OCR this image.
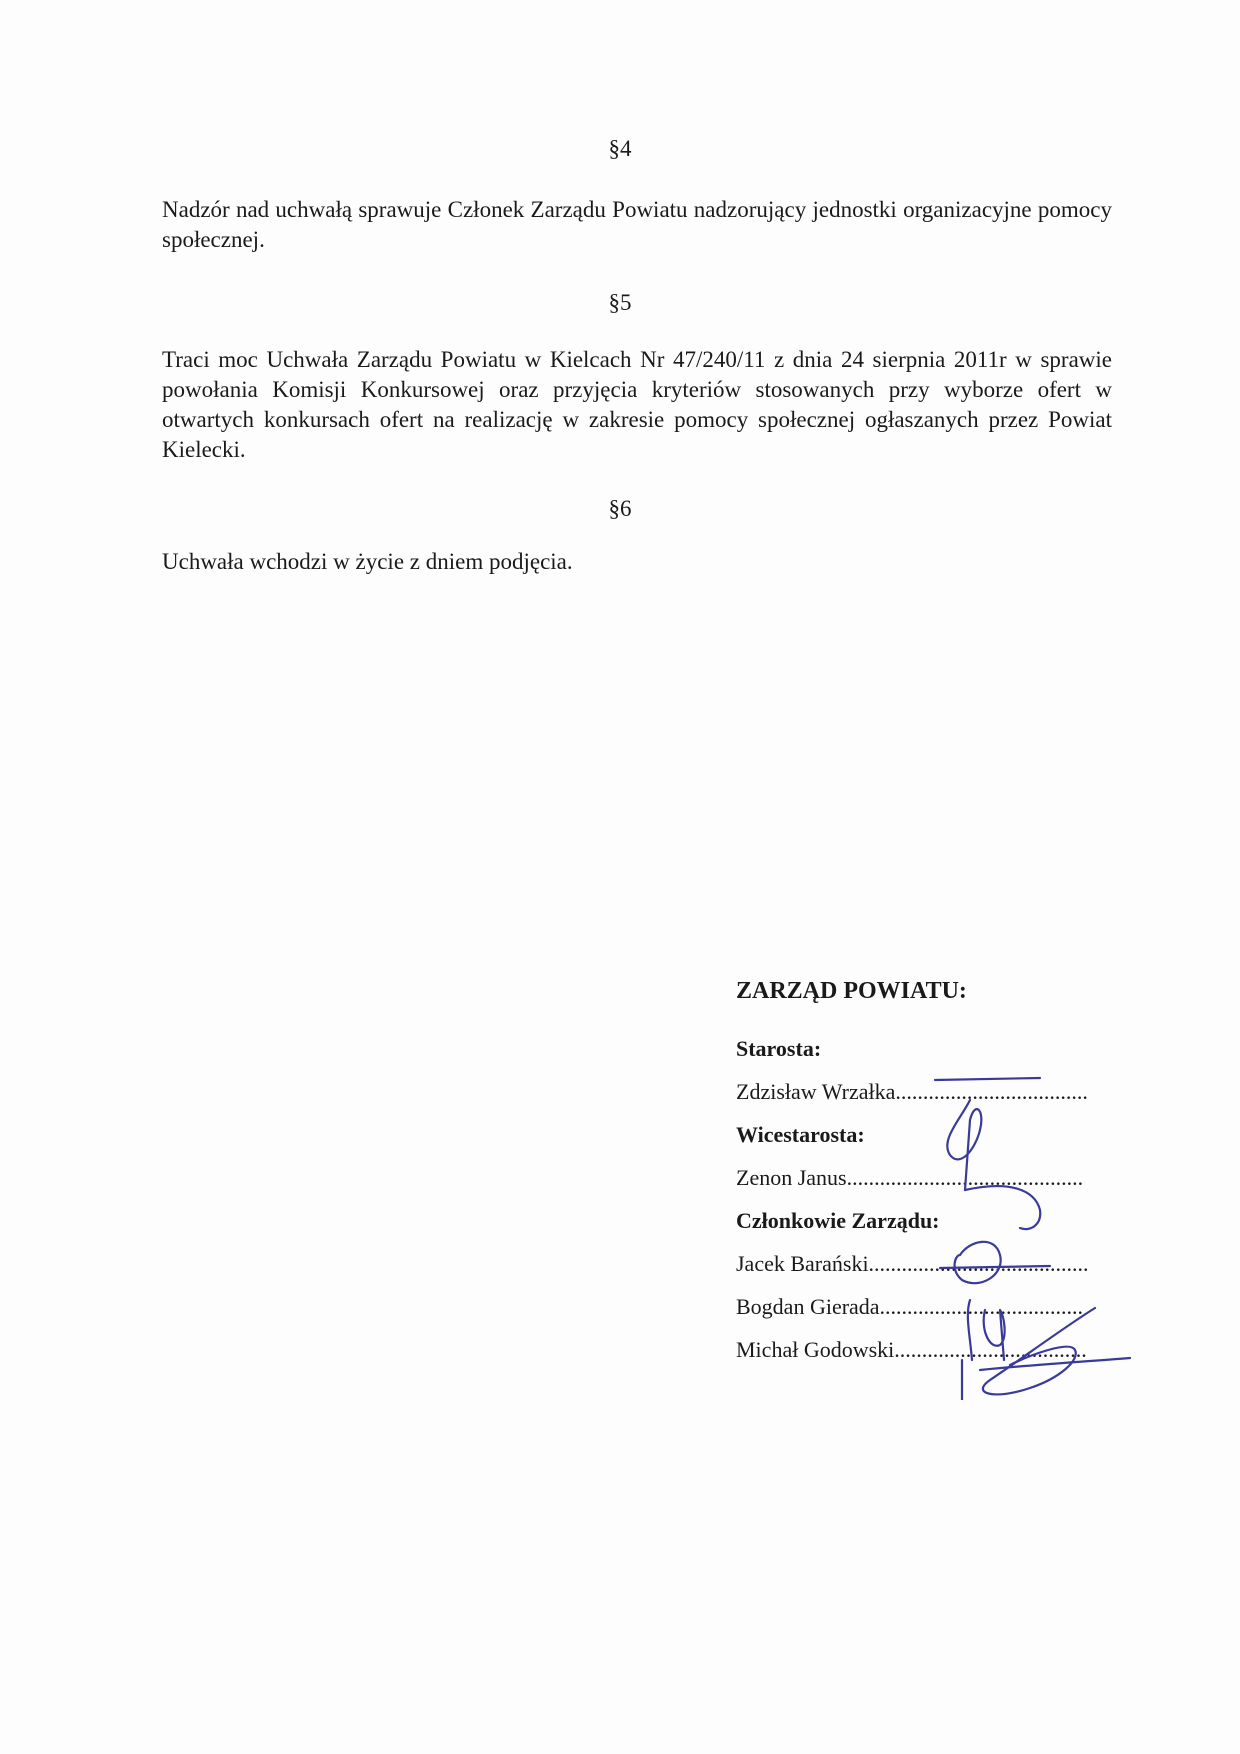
§4

Nadzór nad uchwałą sprawuje Członek Zarządu Powiatu nadzorujący jednostki organizacyjne pomocy społecznej.

§5

Traci moc Uchwała Zarządu Powiatu w Kielcach Nr 47/240/11 z dnia 24 sierpnia 2011r w sprawie powołania Komisji Konkursowej oraz przyjęcia kryteriów stosowanych przy wyborze ofert w otwartych konkursach ofert na realizację w zakresie pomocy społecznej ogłaszanych przez Powiat Kielecki.

§6

Uchwała wchodzi w życie z dniem podjęcia.

ZARZĄD POWIATU:
Starosta:
Zdzisław Wrzałka...................................
Wicestarosta:
Zenon Janus...........................................
Członkowie Zarządu:
Jacek Barański........................................
Bogdan Gierada.....................................
Michał Godowski...................................
